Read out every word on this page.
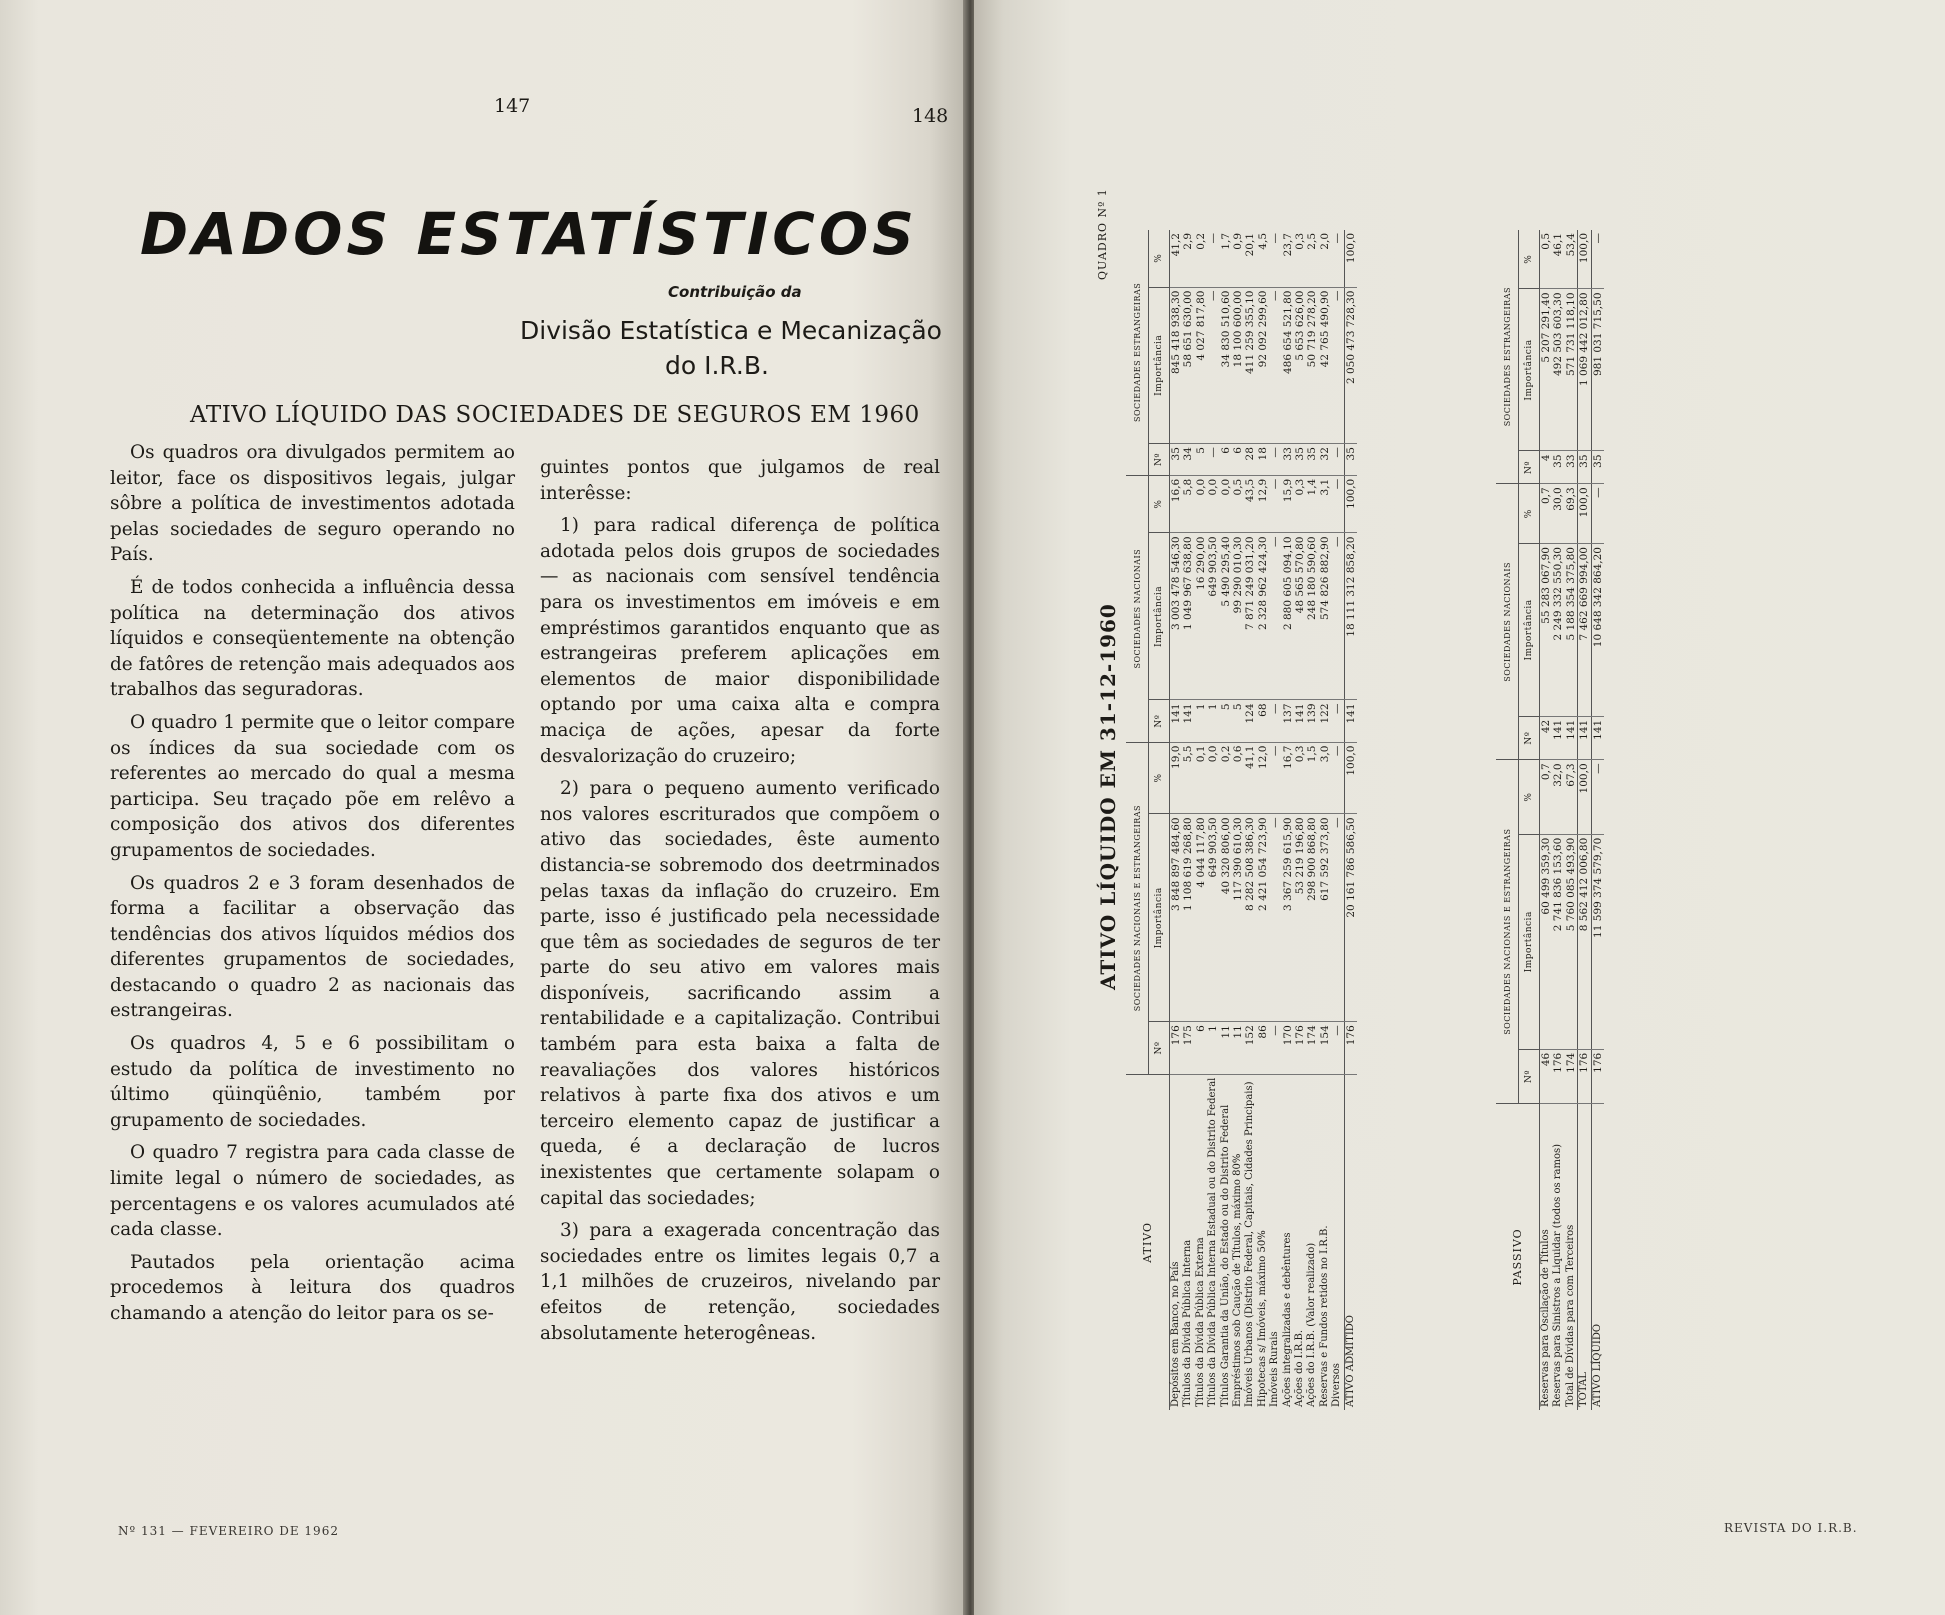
147
DADOS ESTATÍSTICOS
Contribuição da
Divisão Estatística e Mecanização
do I.R.B.
ATIVO LÍQUIDO DAS SOCIEDADES DE SEGUROS EM 1960

Os quadros ora divulgados permitem ao leitor, face os dispositivos legais, julgar sôbre a política de investimentos adotada pelas sociedades de seguro operando no País.

É de todos conhecida a influência dessa política na determinação dos ativos líquidos e conseqüentemente na obtenção de fatôres de retenção mais adequados aos trabalhos das seguradoras.

O quadro 1 permite que o leitor compare os índices da sua sociedade com os referentes ao mercado do qual a mesma participa. Seu traçado põe em relêvo a composição dos ativos dos diferentes grupamentos de sociedades.

Os quadros 2 e 3 foram desenhados de forma a facilitar a observação das tendências dos ativos líquidos médios dos diferentes grupamentos de sociedades, destacando o quadro 2 as nacionais das estrangeiras.

Os quadros 4, 5 e 6 possibilitam o estudo da política de investimento no último qüinqüênio, também por grupamento de sociedades.

O quadro 7 registra para cada classe de limite legal o número de sociedades, as percentagens e os valores acumulados até cada classe.

Pautados pela orientação acima procedemos à leitura dos quadros chamando a atenção do leitor para os se-

guintes pontos que julgamos de real interêsse:

1) para radical diferença de política adotada pelos dois grupos de sociedades — as nacionais com sensível tendência para os investimentos em imóveis e em empréstimos garantidos enquanto que as estrangeiras preferem aplicações em elementos de maior disponibilidade optando por uma caixa alta e compra maciça de ações, apesar da forte desvalorização do cruzeiro;

2) para o pequeno aumento verificado nos valores escriturados que compõem o ativo das sociedades, êste aumento distancia-se sobremodo dos deetrminados pelas taxas da inflação do cruzeiro. Em parte, isso é justificado pela necessidade que têm as sociedades de seguros de ter parte do seu ativo em valores mais disponíveis, sacrificando assim a rentabilidade e a capitalização. Contribui também para esta baixa a falta de reavaliações dos valores históricos relativos à parte fixa dos ativos e um terceiro elemento capaz de justificar a queda, é a declaração de lucros inexistentes que certamente solapam o capital das sociedades;

3) para a exagerada concentração das sociedades entre os limites legais 0,7 a 1,1 milhões de cruzeiros, nivelando par efeitos de retenção, sociedades absolutamente heterogêneas.

Nº 131 — FEVEREIRO DE 1962
148
REVISTA DO I.R.B.
ATIVO LÍQUIDO EM 31-12-1960
QUADRO Nº 1
ATIVO	SOCIEDADES NACIONAIS E ESTRANGEIRAS			SOCIEDADES NACIONAIS			SOCIEDADES ESTRANGEIRAS		
	Nº	Importância	%	Nº	Importância	%	Nº	Importância	%
Depósitos em Banco, no País	176	3 848 897 484,60	19,0	141	3 003 478 546,30	16,6	35	845 418 938,30	41,2
Títulos da Dívida Pública Interna	175	1 108 619 268,80	5,5	141	1 049 967 638,80	5,8	34	58 651 630,00	2,9
Títulos da Dívida Pública Externa	6	4 044 117,80	0,1	1	16 290,00	0,0	5	4 027 817,80	0,2
Títulos da Dívida Pública Interna Estadual ou do Distrito Federal	1	649 903,50	0,0	1	649 903,50	0,0	—	—	—
Títulos Garantia da União, do Estado ou do Distrito Federal	11	40 320 806,00	0,2	5	5 490 295,40	0,0	6	34 830 510,60	1,7
Empréstimos sob Caução de Títulos, máximo 80%	11	117 390 610,30	0,6	5	99 290 010,30	0,5	6	18 100 600,00	0,9
Imóveis Urbanos (Distrito Federal, Capitais, Cidades Principais)	152	8 282 508 386,30	41,1	124	7 871 249 031,20	43,5	28	411 259 355,10	20,1
Hipotecas s/ Imóveis, máximo 50%	86	2 421 054 723,90	12,0	68	2 328 962 424,30	12,9	18	92 092 299,60	4,5
Imóveis Rurais	—	—	—	—	—	—	—	—	—
Ações integralizadas e debêntures	170	3 367 259 615,90	16,7	137	2 880 605 094,10	15,9	33	486 654 521,80	23,7
Ações do I.R.B.	176	53 219 196,80	0,3	141	48 565 570,80	0,3	35	5 653 626,00	0,3
Ações do I.R.B. (Valor realizado)	174	298 900 868,80	1,5	139	248 180 590,60	1,4	35	50 719 278,20	2,5
Reservas e Fundos retidos no I.R.B.	154	617 592 373,80	3,0	122	574 826 882,90	3,1	32	42 765 490,90	2,0
Diversos	—	—	—	—	—	—	—	—	—
ATIVO ADMITIDO	176	20 161 786 586,50	100,0	141	18 111 312 858,20	100,0	35	2 050 473 728,30	100,0
PASSIVO	SOCIEDADES NACIONAIS E ESTRANGEIRAS			SOCIEDADES NACIONAIS			SOCIEDADES ESTRANGEIRAS		
	Nº	Importância	%	Nº	Importância	%	Nº	Importância	%
Reservas para Oscilação de Títulos	46	60 499 359,30	0,7	42	55 283 067,90	0,7	4	5 207 291,40	0,5
Reservas para Sinistros a Liquidar (todos os ramos)	176	2 741 836 153,60	32,0	141	2 249 332 550,30	30,0	35	492 503 603,30	46,1
Total de Dívidas para com Terceiros	174	5 760 085 493,90	67,3	141	5 188 354 375,80	69,3	33	571 731 118,10	53,4
TOTAL	176	8 562 412 006,80	100,0	141	7 462 669 994,00	100,0	35	1 069 442 012,80	100,0
ATIVO LÍQUIDO	176	11 599 374 579,70	—	141	10 648 342 864,20	—	35	981 031 715,50	—
